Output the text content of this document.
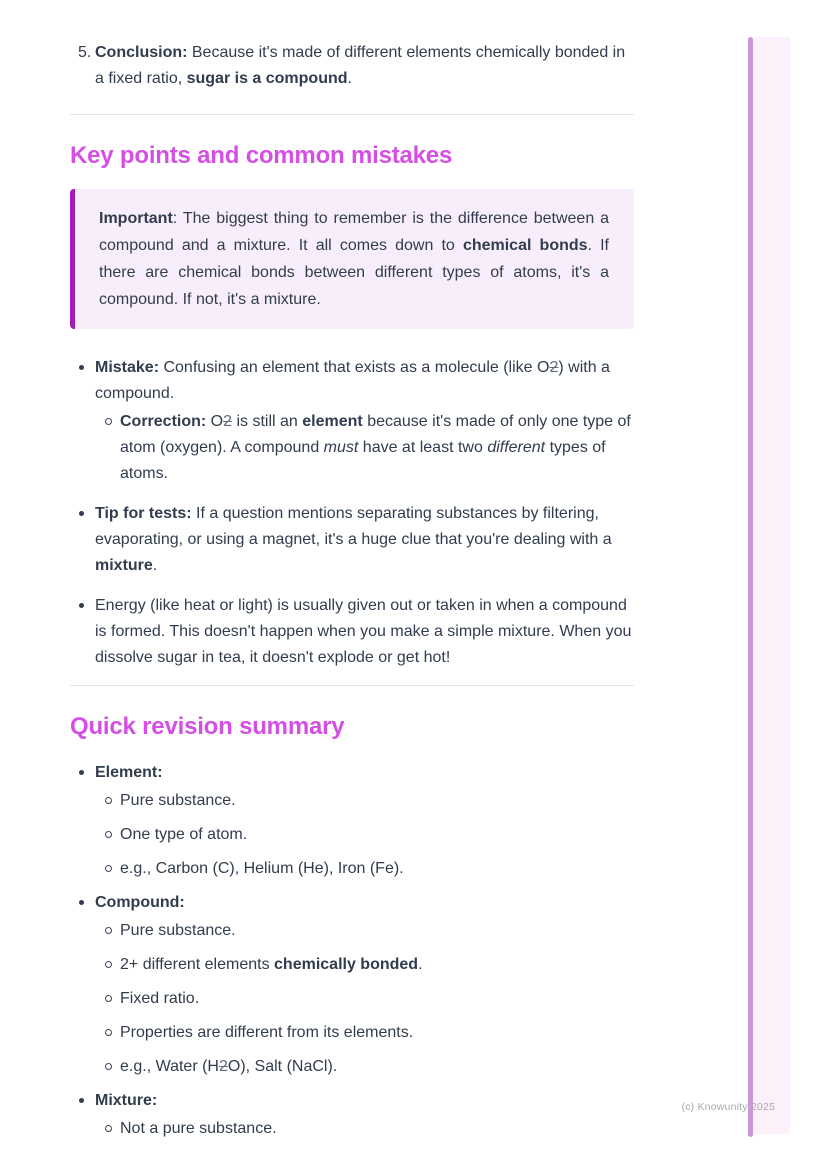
5. Conclusion: Because it's made of different elements chemically bonded in a fixed ratio, sugar is a compound.
Key points and common mistakes

Important: The biggest thing to remember is the difference between a compound and a mixture. It all comes down to chemical bonds. If there are chemical bonds between different types of atoms, it's a compound. If not, it's a mixture.

Mistake: Confusing an element that exists as a molecule (like O2) with a compound.
Correction: O2 is still an element because it's made of only one type of atom (oxygen). A compound must have at least two different types of atoms.
Tip for tests: If a question mentions separating substances by filtering, evaporating, or using a magnet, it's a huge clue that you're dealing with a mixture.
Energy (like heat or light) is usually given out or taken in when a compound is formed. This doesn't happen when you make a simple mixture. When you dissolve sugar in tea, it doesn't explode or get hot!
Quick revision summary
Element:
Pure substance.
One type of atom.
e.g., Carbon (C), Helium (He), Iron (Fe).
Compound:
Pure substance.
2+ different elements chemically bonded.
Fixed ratio.
Properties are different from its elements.
e.g., Water (H2O), Salt (NaCl).
Mixture:
Not a pure substance.
(c) Knowunity 2025
